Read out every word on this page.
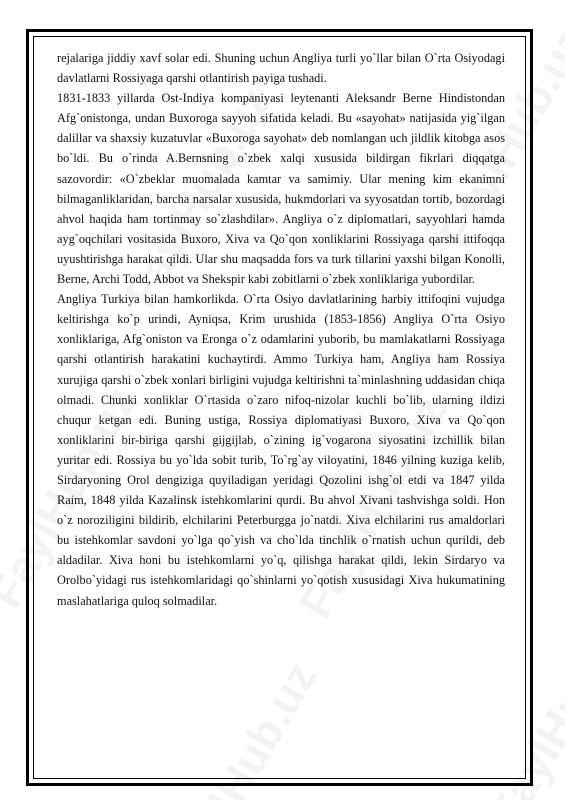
rejalariga jiddiy xavf solar edi. Shuning uchun Angliya turli yo`llar bilan O`rta Osiyodagi davlatlarni Rossiyaga qarshi otlantirish payiga tushadi.

1831-1833 yillarda Ost-Indiya kompaniyasi leytenanti Aleksandr Berne Hindistondan Afg`onistonga, undan Buxoroga sayyoh sifatida keladi. Bu «sayohat» natijasida yig`ilgan dalillar va shaxsiy kuzatuvlar «Buxoroga sayohat» deb nomlangan uch jildlik kitobga asos bo`ldi. Bu o`rinda A.Bernsning o`zbek xalqi xususida bildirgan fikrlari diqqatga sazovordir: «O`zbeklar muomalada kamtar va samimiy. Ular mening kim ekanimni bilmaganliklaridan, barcha narsalar xususida, hukmdorlari va syyosatdan tortib, bozordagi ahvol haqida ham tortinmay so`zlashdilar». Angliya o`z diplomatlari, sayyohlari hamda ayg`oqchilari vositasida Buxoro, Xiva va Qo`qon xonliklarini Rossiyaga qarshi ittifoqqa uyushtirishga harakat qildi. Ular shu maqsadda fors va turk tillarini yaxshi bilgan Konolli, Berne, Archi Todd, Abbot va Shekspir kabi zobitlarni o`zbek xonliklariga yubordilar.

Angliya Turkiya bilan hamkorlikda. O`rta Osiyo davlatlarining harbiy ittifoqini vujudga keltirishga ko`p urindi, Ayniqsa, Krim urushida (1853-1856) Angliya O`rta Osiyo xonliklariga, Afg`oniston va Eronga o`z odamlarini yuborib, bu mamlakatlarni Rossiyaga qarshi otlantirish harakatini kuchaytirdi. Ammo Turkiya ham, Angliya ham Rossiya xurujiga qarshi o`zbek xonlari birligini vujudga keltirishni ta`minlashning uddasidan chiqa olmadi. Chunki xonliklar O`rtasida o`zaro nifoq-nizolar kuchli bo`lib, ularning ildizi chuqur ketgan edi. Buning ustiga, Rossiya diplomatiyasi Buxoro, Xiva va Qo`qon xonliklarini bir-biriga qarshi gijgijlab, o`zining ig`vogarona siyosatini izchillik bilan yuritar edi. Rossiya bu yo`lda sobit turib, To`rg`ay viloyatini, 1846 yilning kuziga kelib, Sirdaryoning Orol dengiziga quyiladigan yeridagi Qozolini ishg`ol etdi va 1847 yilda Raim, 1848 yilda Kazalinsk istehkomlarini qurdi. Bu ahvol Xivani tashvishga soldi. Hon o`z noroziligini bildirib, elchilarini Peterburgga jo`natdi. Xiva elchilarini rus amaldorlari bu istehkomlar savdoni yo`lga qo`yish va cho`lda tinchlik o`rnatish uchun qurildi, deb aldadilar. Xiva honi bu istehkomlarni yo`q, qilishga harakat qildi, lekin Sirdaryo va Orolbo`yidagi rus istehkomlaridagi qo`shinlarni yo`qotish xususidagi Xiva hukumatining maslahatlariga quloq solmadilar.
